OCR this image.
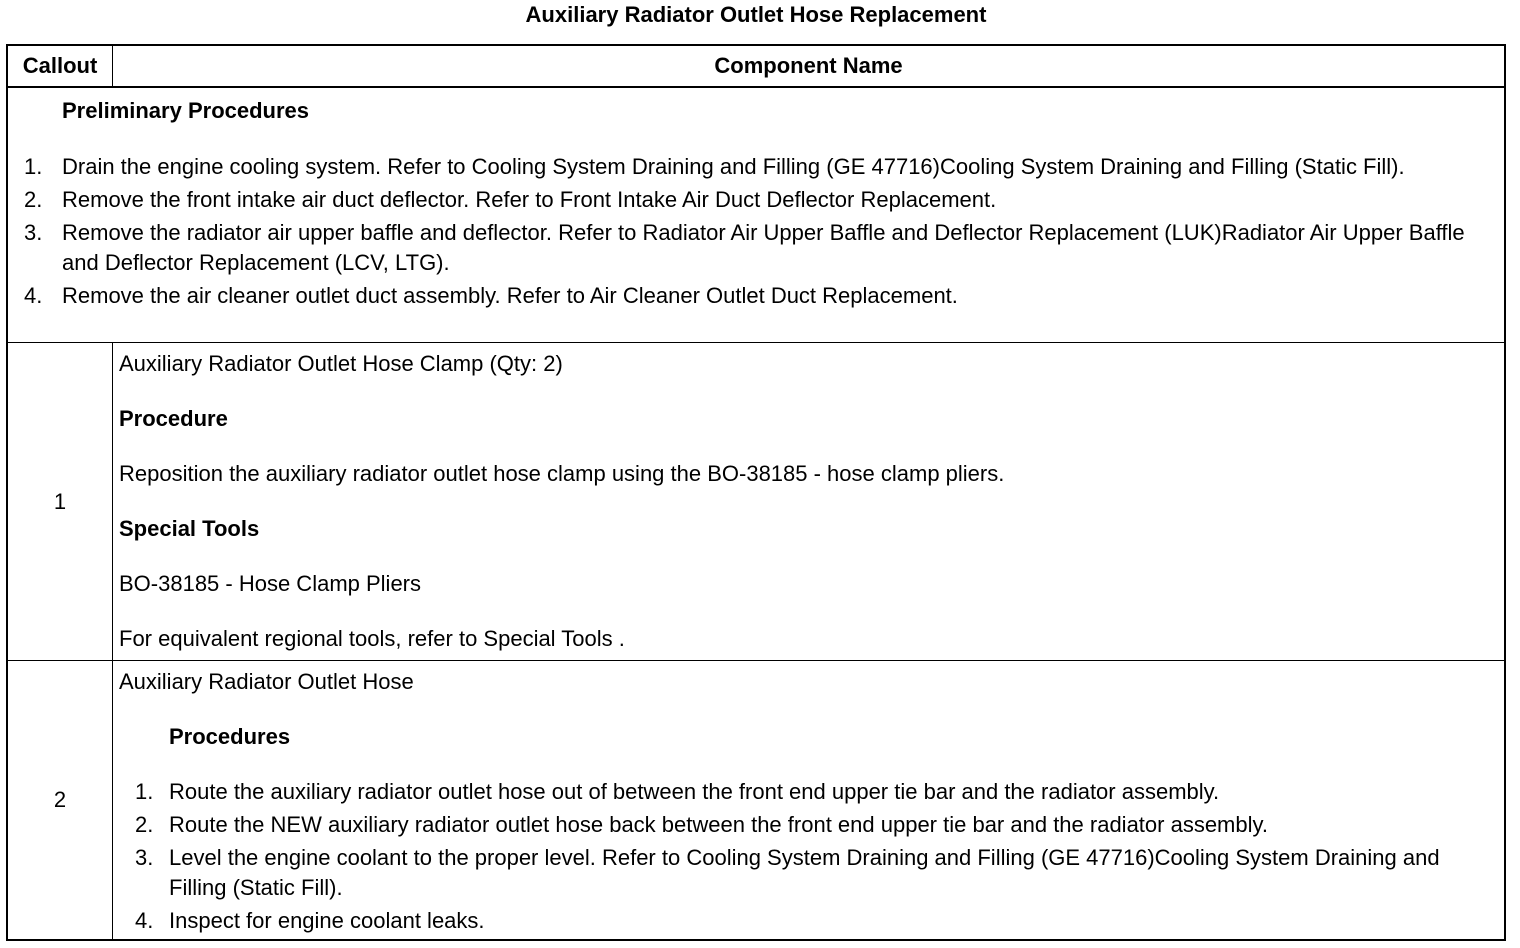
Auxiliary Radiator Outlet Hose Replacement
Callout	Component Name
Preliminary Procedures
1. Drain the engine cooling system. Refer to Cooling System Draining and Filling (GE 47716)Cooling System Draining and Filling (Static Fill).
2. Remove the front intake air duct deflector. Refer to Front Intake Air Duct Deflector Replacement.
3. Remove the radiator air upper baffle and deflector. Refer to Radiator Air Upper Baffle and Deflector Replacement (LUK)Radiator Air Upper Baffle and Deflector Replacement (LCV, LTG).
4. Remove the air cleaner outlet duct assembly. Refer to Air Cleaner Outlet Duct Replacement.
1
Auxiliary Radiator Outlet Hose Clamp (Qty: 2)
Procedure
Reposition the auxiliary radiator outlet hose clamp using the BO-38185 - hose clamp pliers.
Special Tools
BO-38185 - Hose Clamp Pliers
For equivalent regional tools, refer to Special Tools .
2
Auxiliary Radiator Outlet Hose
Procedures
1. Route the auxiliary radiator outlet hose out of between the front end upper tie bar and the radiator assembly.
2. Route the NEW auxiliary radiator outlet hose back between the front end upper tie bar and the radiator assembly.
3. Level the engine coolant to the proper level. Refer to Cooling System Draining and Filling (GE 47716)Cooling System Draining and Filling (Static Fill).
4. Inspect for engine coolant leaks.
